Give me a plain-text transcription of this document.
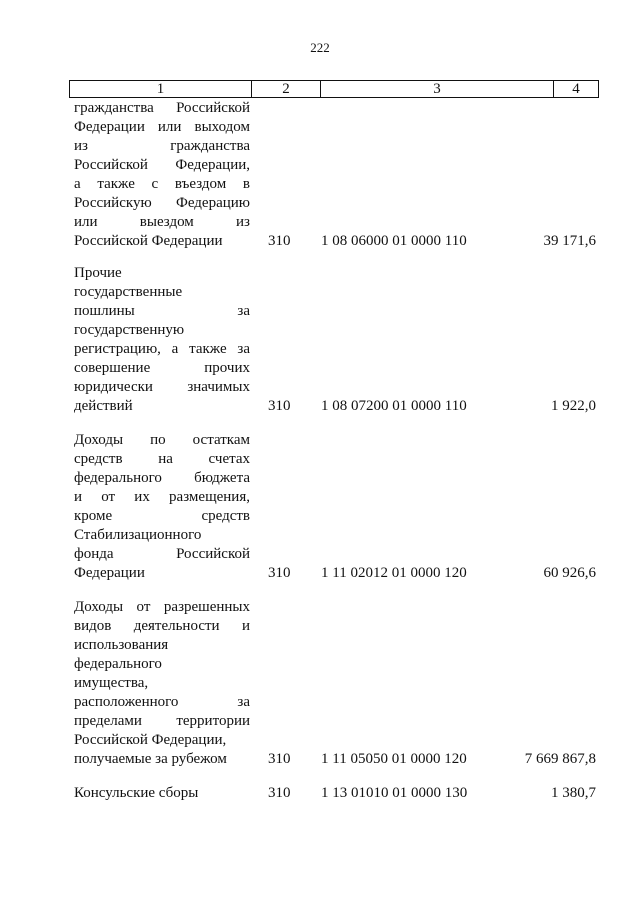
222
1	2	3	4
гражданства Российской
Федерации или выходом
из гражданства
Российской Федерации,
а также с въездом в
Российскую Федерацию
или выездом из
Российской Федерации	310 1 08 06000 01 0000 110	39 171,6
Прочие
государственные
пошлины за
государственную
регистрацию, а также за
совершение прочих
юридически значимых
действий	310 1 08 07200 01 0000 110	1 922,0
Доходы по остаткам
средств на счетах
федерального бюджета
и от их размещения,
кроме средств
Стабилизационного
фонда Российской
Федерации	310 1 11 02012 01 0000 120	60 926,6
Доходы от разрешенных
видов деятельности и
использования
федерального
имущества,
расположенного за
пределами территории
Российской Федерации,
получаемые за рубежом	310 1 11 05050 01 0000 120	7 669 867,8
Консульские сборы	310 1 13 01010 01 0000 130	1 380,7
